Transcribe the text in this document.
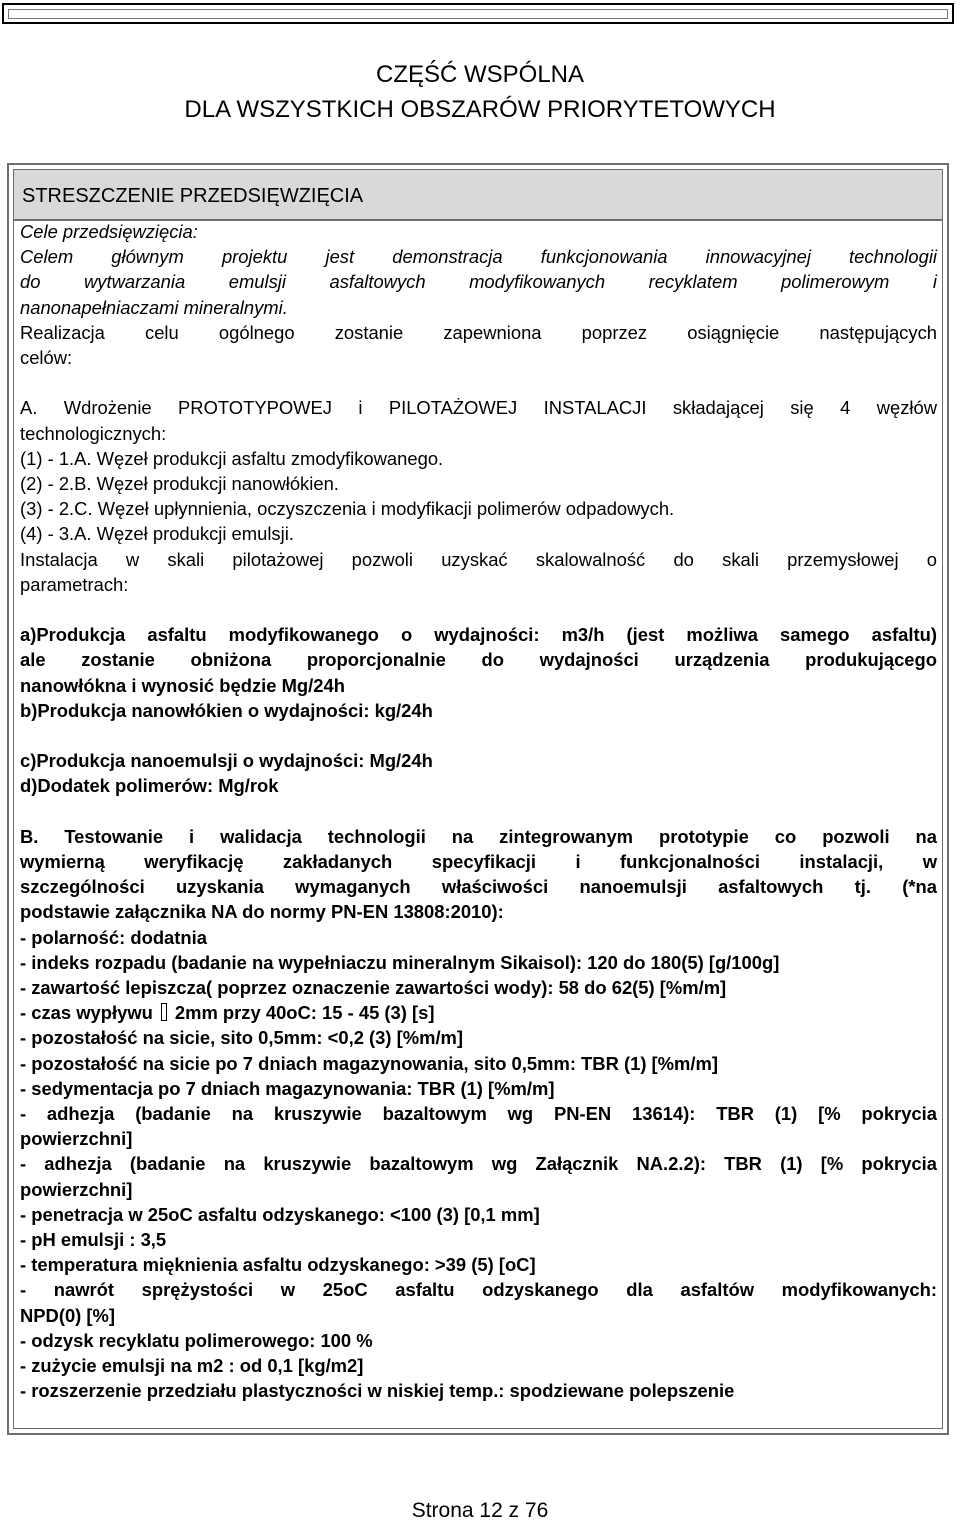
CZĘŚĆ WSPÓLNA
DLA WSZYSTKICH OBSZARÓW PRIORYTETOWYCH
STRESZCZENIE PRZEDSIĘWZIĘCIA

Cele przedsięwzięcia:

Celem głównym projektu jest demonstracja funkcjonowania innowacyjnej technologii

do wytwarzania emulsji asfaltowych modyfikowanych recyklatem polimerowym i

nanonapełniaczami mineralnymi.

Realizacja celu ogólnego zostanie zapewniona poprzez osiągnięcie następujących

celów:

A. Wdrożenie PROTOTYPOWEJ i PILOTAŻOWEJ INSTALACJI składającej się 4 węzłów

technologicznych:

(1) - 1.A. Węzeł produkcji asfaltu zmodyfikowanego.

(2) - 2.B. Węzeł produkcji nanowłókien.

(3) - 2.C. Węzeł upłynnienia, oczyszczenia i modyfikacji polimerów odpadowych.

(4) - 3.A. Węzeł produkcji emulsji.

Instalacja w skali pilotażowej pozwoli uzyskać skalowalność do skali przemysłowej o

parametrach:

a)Produkcja asfaltu modyfikowanego o wydajności: m3/h (jest możliwa samego asfaltu)

ale zostanie obniżona proporcjonalnie do wydajności urządzenia produkującego

nanowłókna i wynosić będzie Mg/24h

b)Produkcja nanowłókien o wydajności: kg/24h

c)Produkcja nanoemulsji o wydajności: Mg/24h

d)Dodatek polimerów: Mg/rok

B. Testowanie i walidacja technologii na zintegrowanym prototypie co pozwoli na

wymierną weryfikację zakładanych specyfikacji i funkcjonalności instalacji, w

szczególności uzyskania wymaganych właściwości nanoemulsji asfaltowych tj. (*na

podstawie załącznika NA do normy PN-EN 13808:2010):

- polarność: dodatnia

- indeks rozpadu (badanie na wypełniaczu mineralnym Sikaisol): 120 do 180(5) [g/100g]

- zawartość lepiszcza( poprzez oznaczenie zawartości wody): 58 do 62(5) [%m/m]

- czas wypływu 2mm przy 40oC: 15 - 45 (3) [s]

- pozostałość na sicie, sito 0,5mm: <0,2 (3) [%m/m]

- pozostałość na sicie po 7 dniach magazynowania, sito 0,5mm: TBR (1) [%m/m]

- sedymentacja po 7 dniach magazynowania: TBR (1) [%m/m]

- adhezja (badanie na kruszywie bazaltowym wg PN-EN 13614): TBR (1) [% pokrycia

powierzchni]

- adhezja (badanie na kruszywie bazaltowym wg Załącznik NA.2.2): TBR (1) [% pokrycia

powierzchni]

- penetracja w 25oC asfaltu odzyskanego: <100 (3) [0,1 mm]

- pH emulsji : 3,5

- temperatura mięknienia asfaltu odzyskanego: >39 (5) [oC]

- nawrót sprężystości w 25oC asfaltu odzyskanego dla asfaltów modyfikowanych:

NPD(0) [%]

- odzysk recyklatu polimerowego: 100 %

- zużycie emulsji na m2 : od 0,1 [kg/m2]

- rozszerzenie przedziału plastyczności w niskiej temp.: spodziewane polepszenie

Strona 12 z 76
